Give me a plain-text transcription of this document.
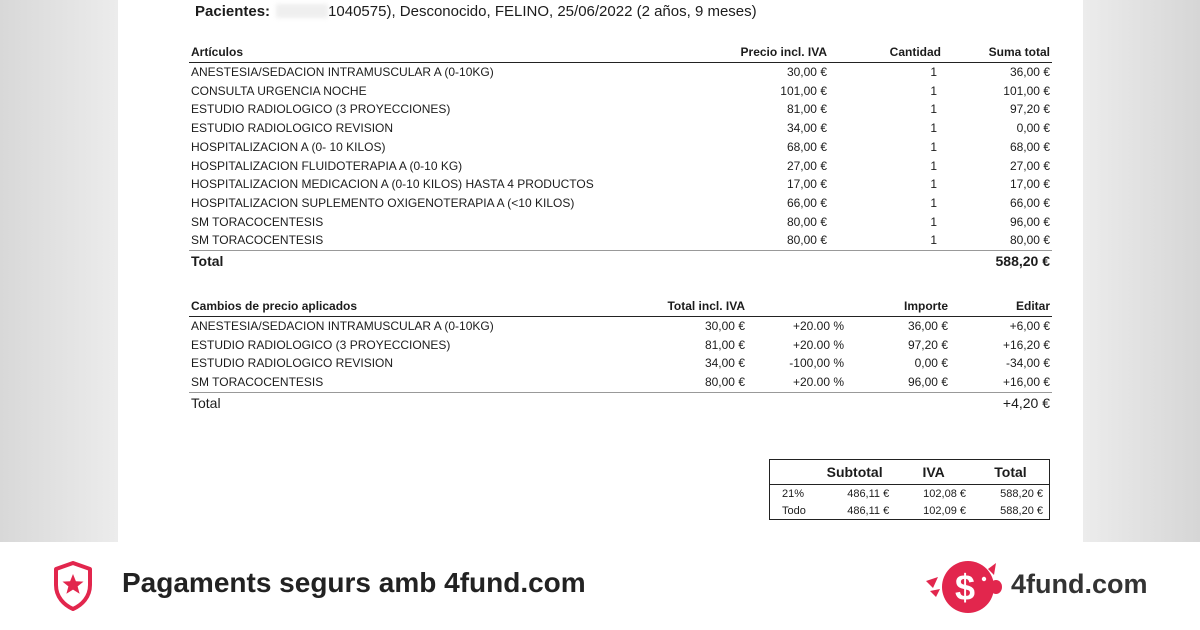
Pacientes:	1040575), Desconocido, FELINO, 25/06/2022 (2 años, 9 meses)
Artículos	Precio incl. IVA	Cantidad	Suma total
ANESTESIA/SEDACION INTRAMUSCULAR A (0-10KG)	30,00 €	1	36,00 €
CONSULTA URGENCIA NOCHE	101,00 €	1	101,00 €
ESTUDIO RADIOLOGICO (3 PROYECCIONES)	81,00 €	1	97,20 €
ESTUDIO RADIOLOGICO REVISION	34,00 €	1	0,00 €
HOSPITALIZACION A (0- 10 KILOS)	68,00 €	1	68,00 €
HOSPITALIZACION FLUIDOTERAPIA A (0-10 KG)	27,00 €	1	27,00 €
HOSPITALIZACION MEDICACION A (0-10 KILOS) HASTA 4 PRODUCTOS	17,00 €	1	17,00 €
HOSPITALIZACION SUPLEMENTO OXIGENOTERAPIA A (<10 KILOS)	66,00 €	1	66,00 €
SM TORACOCENTESIS	80,00 €	1	96,00 €
SM TORACOCENTESIS	80,00 €	1	80,00 €
Total			588,20 €
Cambios de precio aplicados	Total incl. IVA		Importe	Editar
ANESTESIA/SEDACION INTRAMUSCULAR A (0-10KG)	30,00 €	+20.00 %	36,00 €	+6,00 €
ESTUDIO RADIOLOGICO (3 PROYECCIONES)	81,00 €	+20.00 %	97,20 €	+16,20 €
ESTUDIO RADIOLOGICO REVISION	34,00 €	-100,00 %	0,00 €	-34,00 €
SM TORACOCENTESIS	80,00 €	+20.00 %	96,00 €	+16,00 €
Total				+4,20 €
	Subtotal	IVA	Total
21%	486,11 €	102,08 €	588,20 €
Todo	486,11 €	102,09 €	588,20 €
Pagaments segurs amb 4fund.com	$ 4fund.com
